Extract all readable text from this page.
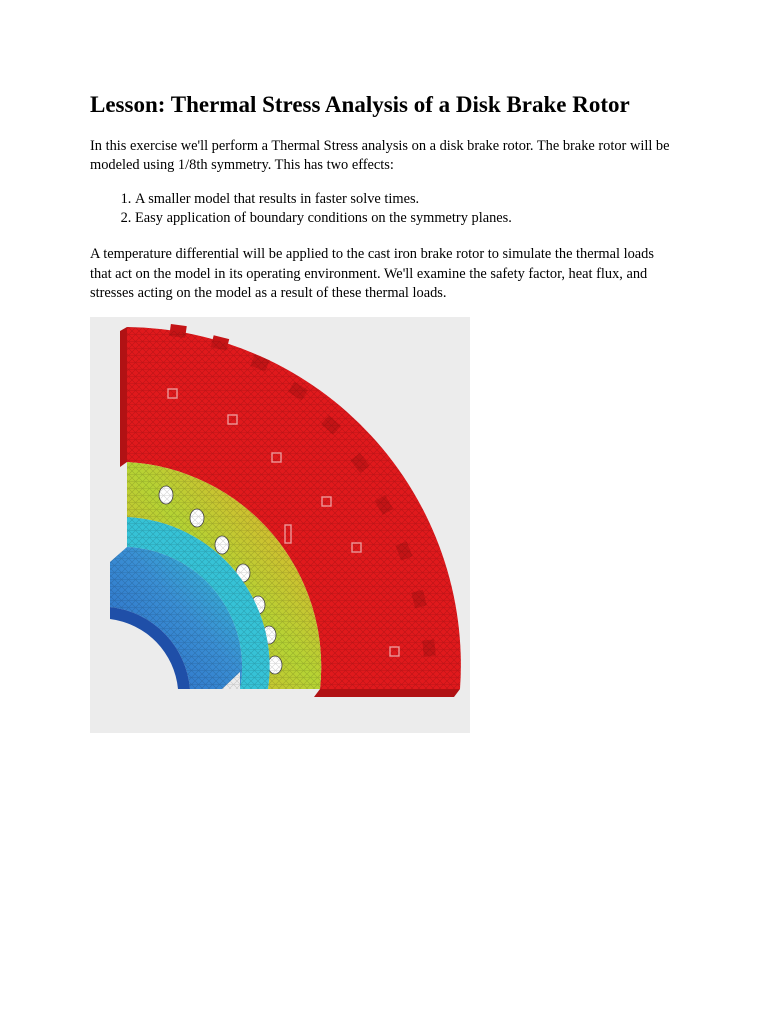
Lesson: Thermal Stress Analysis of a Disk Brake Rotor

In this exercise we'll perform a Thermal Stress analysis on a disk brake rotor. The brake rotor will be modeled using 1/8th symmetry. This has two effects:

1. A smaller model that results in faster solve times.
2. Easy application of boundary conditions on the symmetry planes.

A temperature differential will be applied to the cast iron brake rotor to simulate the thermal loads that act on the model in its operating environment. We'll examine the safety factor, heat flux, and stresses acting on the model as a result of these thermal loads.
